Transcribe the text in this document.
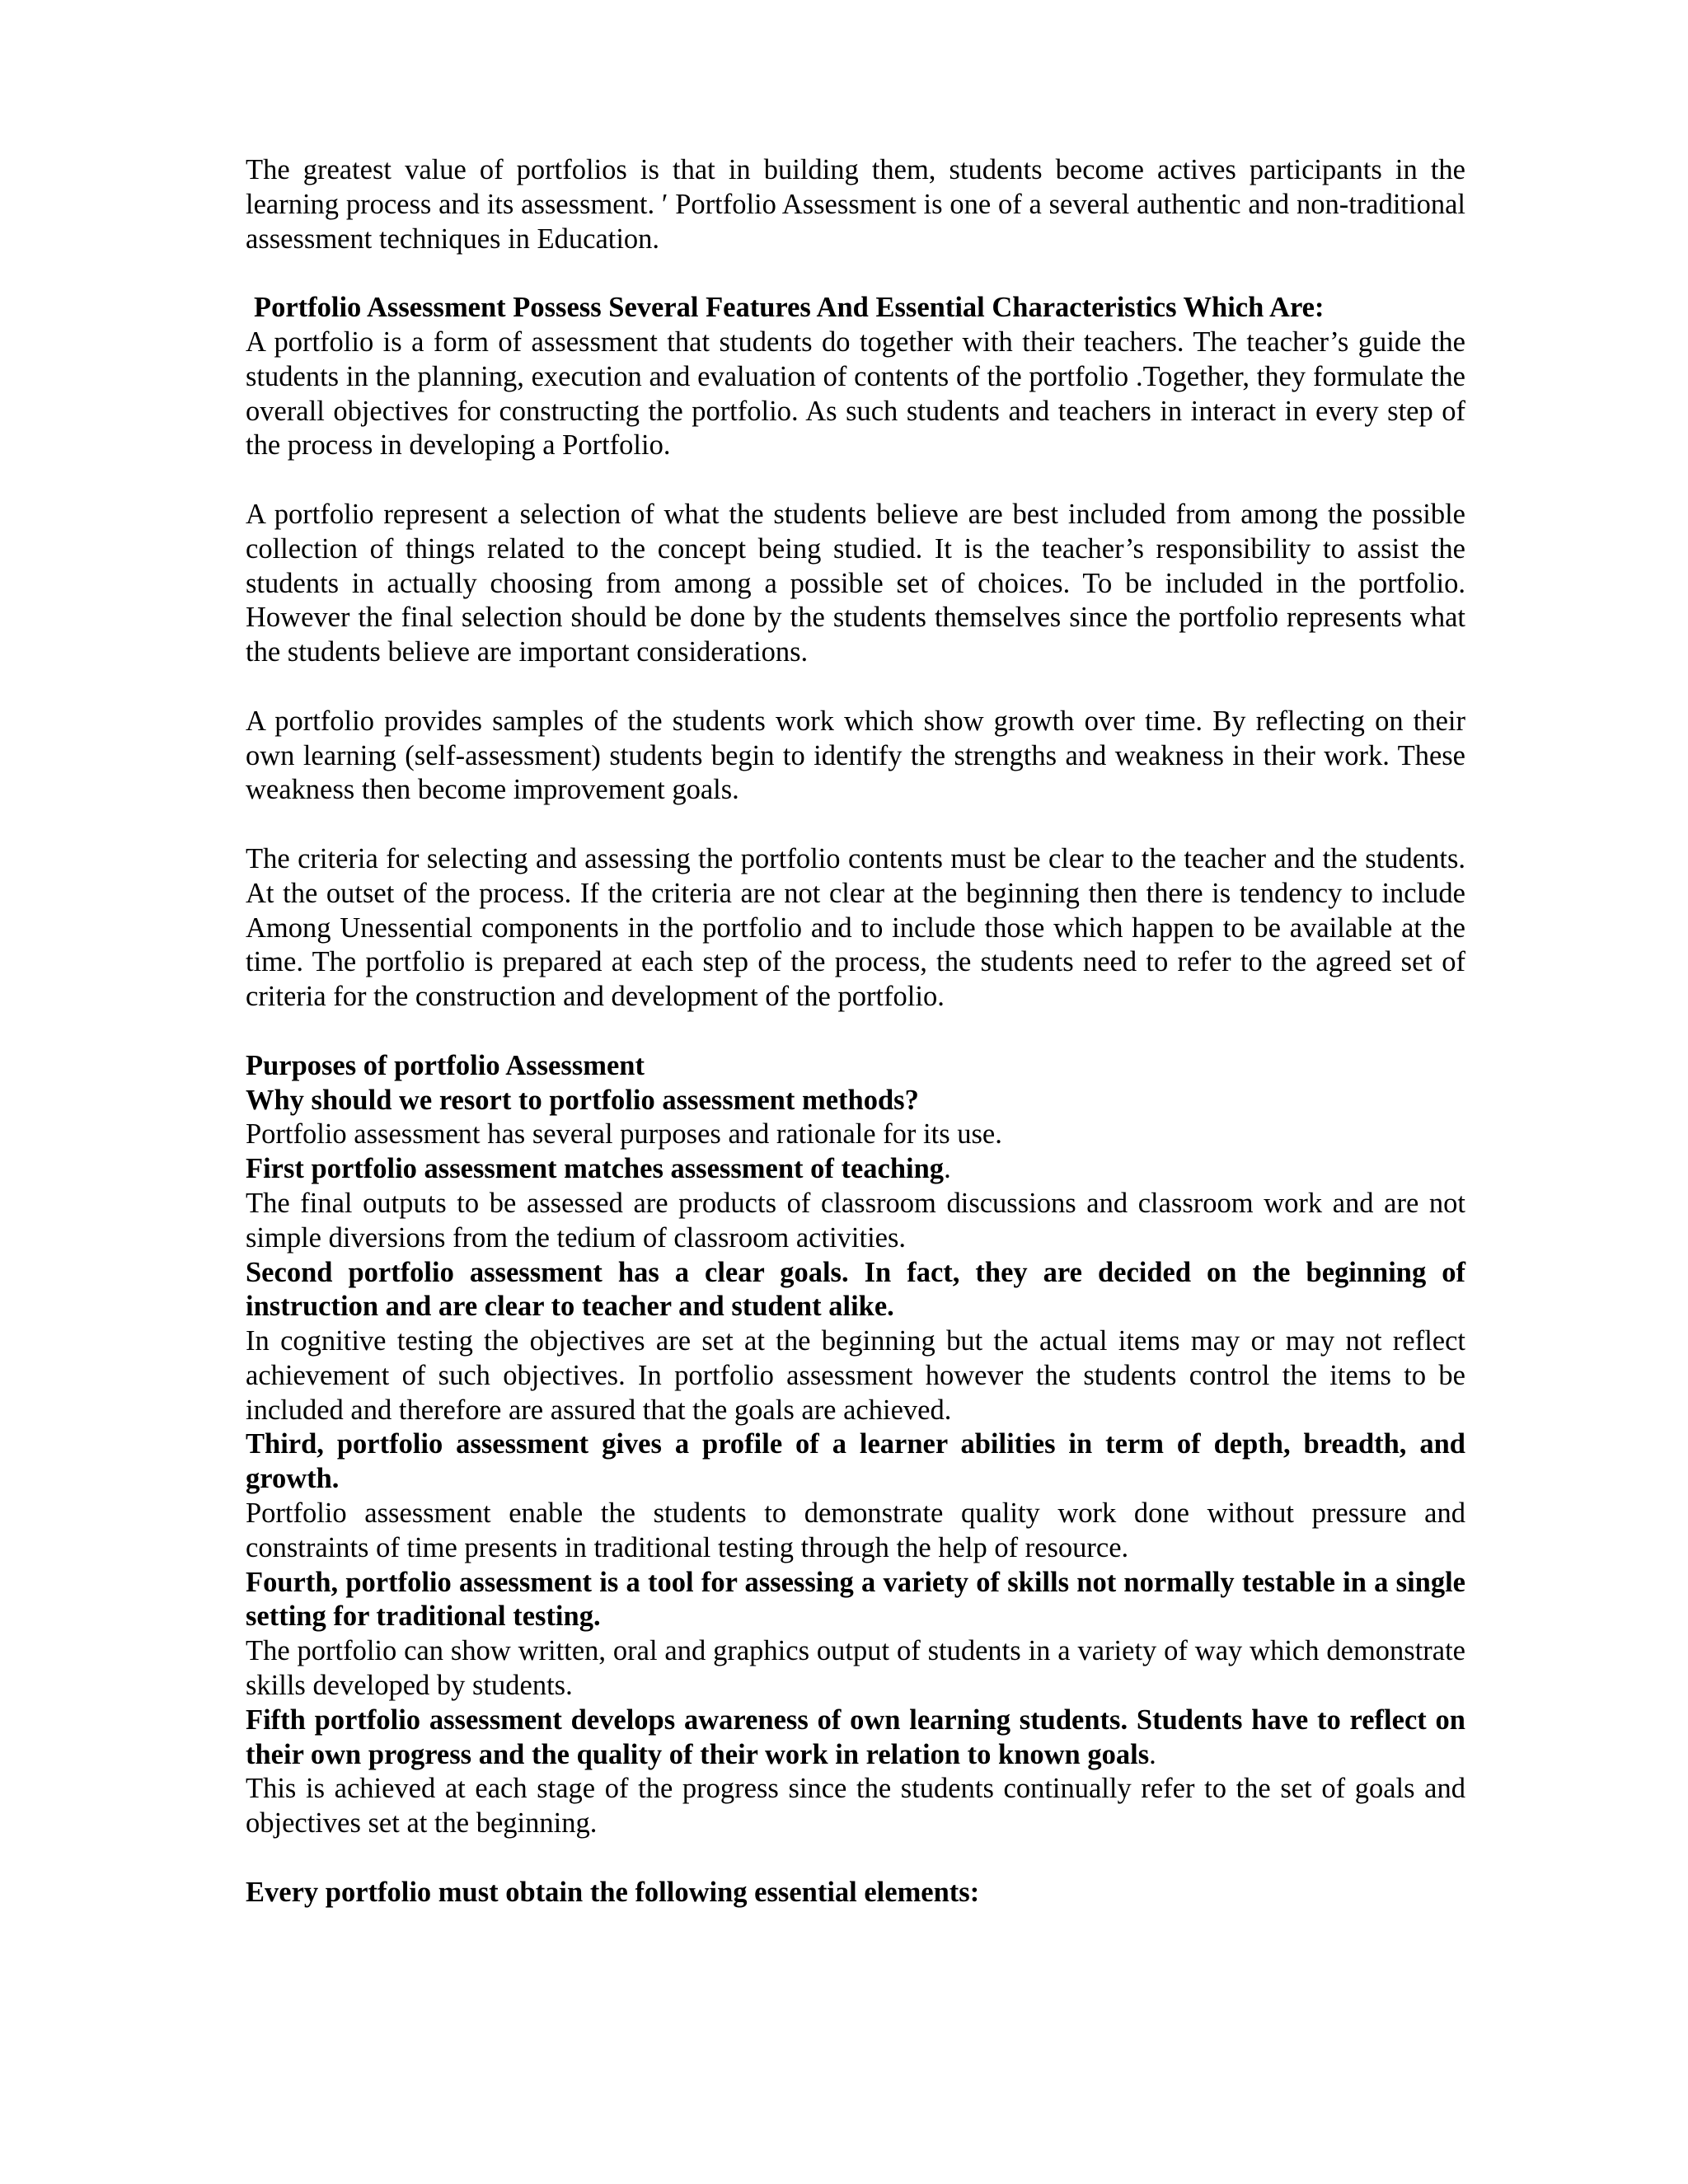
The greatest value of portfolios is that in building them, students become actives participants in the learning process and its assessment. ′ Portfolio Assessment is one of a several authentic and non-traditional assessment techniques in Education.

Portfolio Assessment Possess Several Features And Essential Characteristics Which Are:

A portfolio is a form of assessment that students do together with their teachers. The teacher’s guide the students in the planning, execution and evaluation of contents of the portfolio .Together, they formulate the overall objectives for constructing the portfolio. As such students and teachers in interact in every step of the process in developing a Portfolio.

A portfolio represent a selection of what the students believe are best included from among the possible collection of things related to the concept being studied. It is the teacher’s responsibility to assist the students in actually choosing from among a possible set of choices. To be included in the portfolio. However the final selection should be done by the students themselves since the portfolio represents what the students believe are important considerations.

A portfolio provides samples of the students work which show growth over time. By reflecting on their own learning (self-assessment) students begin to identify the strengths and weakness in their work. These weakness then become improvement goals.

The criteria for selecting and assessing the portfolio contents must be clear to the teacher and the students. At the outset of the process. If the criteria are not clear at the beginning then there is tendency to include Among Unessential components in the portfolio and to include those which happen to be available at the time. The portfolio is prepared at each step of the process, the students need to refer to the agreed set of criteria for the construction and development of the portfolio.

Purposes of portfolio Assessment

Why should we resort to portfolio assessment methods?

Portfolio assessment has several purposes and rationale for its use.

First portfolio assessment matches assessment of teaching.

The final outputs to be assessed are products of classroom discussions and classroom work and are not simple diversions from the tedium of classroom activities.

Second portfolio assessment has a clear goals. In fact, they are decided on the beginning of instruction and are clear to teacher and student alike.

In cognitive testing the objectives are set at the beginning but the actual items may or may not reflect achievement of such objectives. In portfolio assessment however the students control the items to be included and therefore are assured that the goals are achieved.

Third, portfolio assessment gives a profile of a learner abilities in term of depth, breadth, and growth.

Portfolio assessment enable the students to demonstrate quality work done without pressure and constraints of time presents in traditional testing through the help of resource.

Fourth, portfolio assessment is a tool for assessing a variety of skills not normally testable in a single setting for traditional testing.

The portfolio can show written, oral and graphics output of students in a variety of way which demonstrate skills developed by students.

Fifth portfolio assessment develops awareness of own learning students. Students have to reflect on their own progress and the quality of their work in relation to known goals.

This is achieved at each stage of the progress since the students continually refer to the set of goals and objectives set at the beginning.

Every portfolio must obtain the following essential elements:
